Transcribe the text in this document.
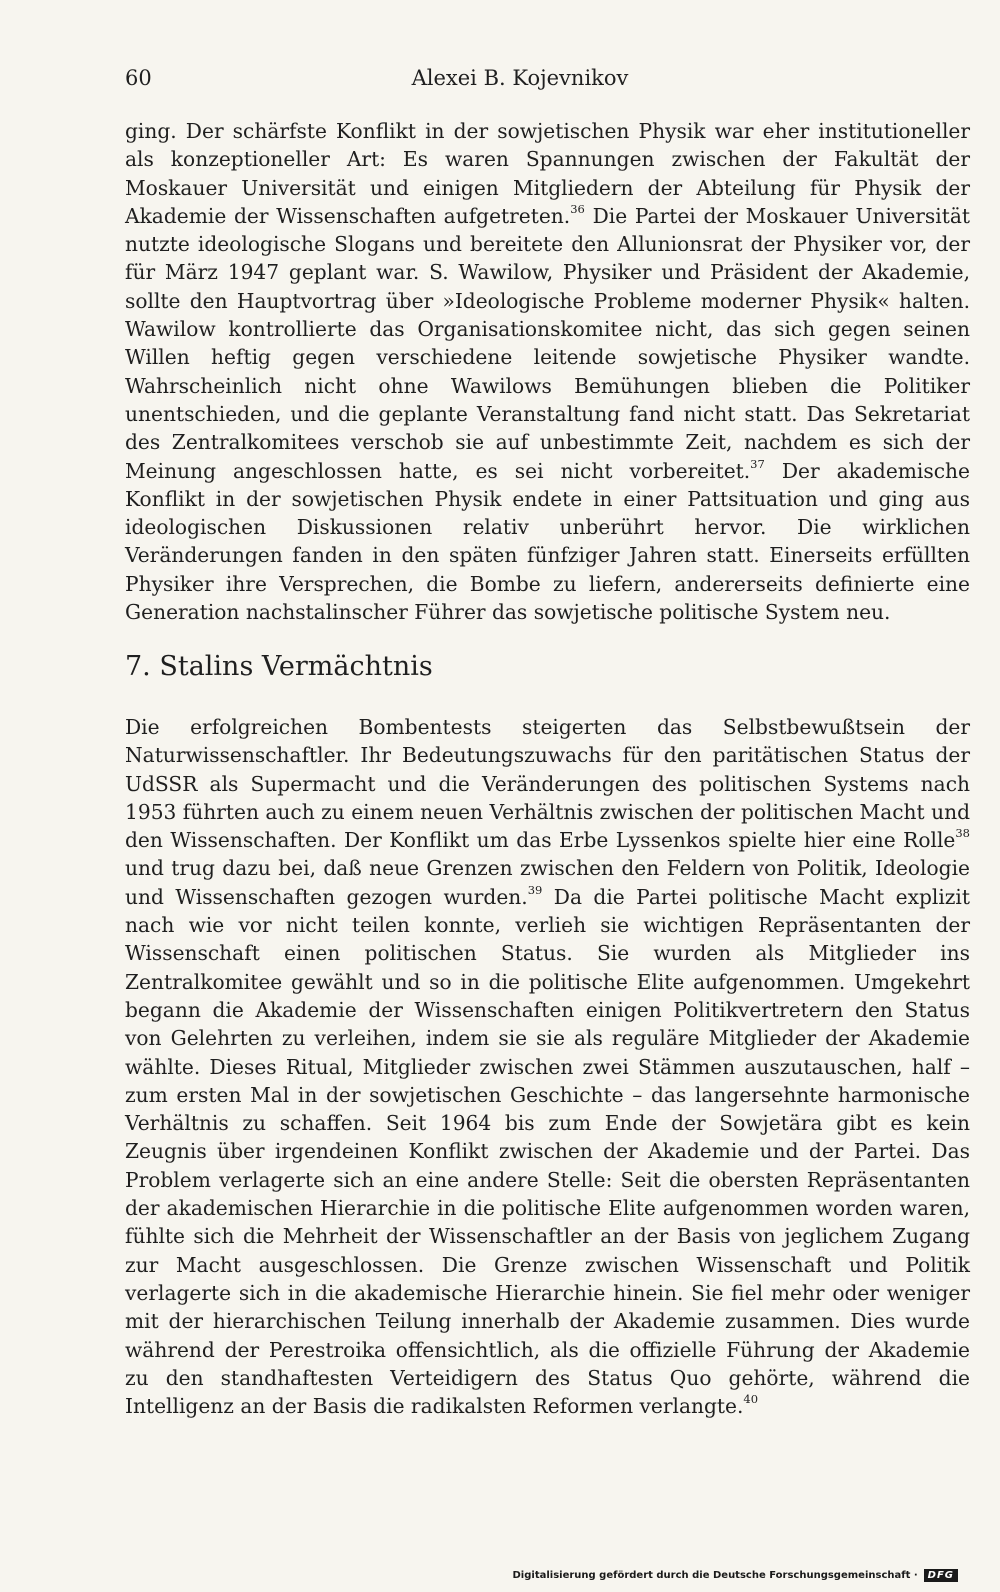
60	Alexei B. Kojevnikov
ging. Der schärfste Konflikt in der sowjetischen Physik war eher institutioneller als konzeptioneller Art: Es waren Spannungen zwischen der Fakultät der Moskauer Universität und einigen Mitgliedern der Abteilung für Physik der Akademie der Wissenschaften aufgetreten.$^{36}$ Die Partei der Moskauer Universität nutzte ideologische Slogans und bereitete den Allunionsrat der Physiker vor, der für März 1947 geplant war. S. Wawilow, Physiker und Präsident der Akademie, sollte den Hauptvortrag über »Ideologische Probleme moderner Physik« halten. Wawilow kontrollierte das Organisationskomitee nicht, das sich gegen seinen Willen heftig gegen verschiedene leitende sowjetische Physiker wandte. Wahrscheinlich nicht ohne Wawilows Bemühungen blieben die Politiker unentschieden, und die geplante Veranstaltung fand nicht statt. Das Sekretariat des Zentralkomitees verschob sie auf unbestimmte Zeit, nachdem es sich der Meinung angeschlossen hatte, es sei nicht vorbereitet.$^{37}$ Der akademische Konflikt in der sowjetischen Physik endete in einer Pattsituation und ging aus ideologischen Diskussionen relativ unberührt hervor. Die wirklichen Veränderungen fanden in den späten fünfziger Jahren statt. Einerseits erfüllten Physiker ihre Versprechen, die Bombe zu liefern, andererseits definierte eine Generation nachstalinscher Führer das sowjetische politische System neu.
7. Stalins Vermächtnis
Die erfolgreichen Bombentests steigerten das Selbstbewußtsein der Naturwissenschaftler. Ihr Bedeutungszuwachs für den paritätischen Status der UdSSR als Supermacht und die Veränderungen des politischen Systems nach 1953 führten auch zu einem neuen Verhältnis zwischen der politischen Macht und den Wissenschaften. Der Konflikt um das Erbe Lyssenkos spielte hier eine Rolle$^{38}$ und trug dazu bei, daß neue Grenzen zwischen den Feldern von Politik, Ideologie und Wissenschaften gezogen wurden.$^{39}$ Da die Partei politische Macht explizit nach wie vor nicht teilen konnte, verlieh sie wichtigen Repräsentanten der Wissenschaft einen politischen Status. Sie wurden als Mitglieder ins Zentralkomitee gewählt und so in die politische Elite aufgenommen. Umgekehrt begann die Akademie der Wissenschaften einigen Politikvertretern den Status von Gelehrten zu verleihen, indem sie sie als reguläre Mitglieder der Akademie wählte. Dieses Ritual, Mitglieder zwischen zwei Stämmen auszutauschen, half – zum ersten Mal in der sowjetischen Geschichte – das langersehnte harmonische Verhältnis zu schaffen. Seit 1964 bis zum Ende der Sowjetära gibt es kein Zeugnis über irgendeinen Konflikt zwischen der Akademie und der Partei. Das Problem verlagerte sich an eine andere Stelle: Seit die obersten Repräsentanten der akademischen Hierarchie in die politische Elite aufgenommen worden waren, fühlte sich die Mehrheit der Wissenschaftler an der Basis von jeglichem Zugang zur Macht ausgeschlossen. Die Grenze zwischen Wissenschaft und Politik verlagerte sich in die akademische Hierarchie hinein. Sie fiel mehr oder weniger mit der hierarchischen Teilung innerhalb der Akademie zusammen. Dies wurde während der Perestroika offensichtlich, als die offizielle Führung der Akademie zu den standhaftesten Verteidigern des Status Quo gehörte, während die Intelligenz an der Basis die radikalsten Reformen verlangte.$^{40}$
Digitalisierung gefördert durch die Deutsche Forschungsgemeinschaft ·	DFG
